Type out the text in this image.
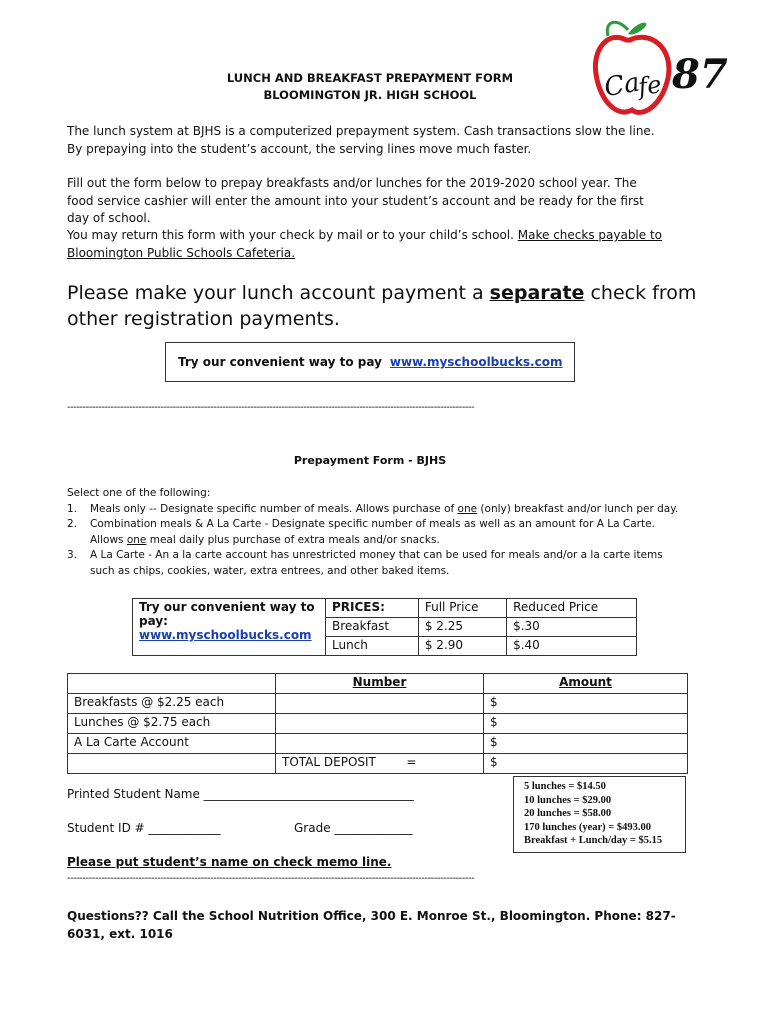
Ca
fe 87
LUNCH AND BREAKFAST PREPAYMENT FORM
BLOOMINGTON JR. HIGH SCHOOL
The lunch system at BJHS is a computerized prepayment system. Cash transactions slow the line. By prepaying into the student’s account, the serving lines move much faster.
Fill out the form below to prepay breakfasts and/or lunches for the 2019-2020 school year. The food service cashier will enter the amount into your student’s account and be ready for the first day of school.
You may return this form with your check by mail or to your child’s school. Make checks payable to Bloomington Public Schools Cafeteria.
Please make your lunch account payment a separate check from other registration payments.
Try our convenient way to pay www.myschoolbucks.com
-----------------------------------------------------------------------------------------------------------------------------------
Prepayment Form - BJHS
Select one of the following:
1. Meals only -- Designate specific number of meals. Allows purchase of one (only) breakfast and/or lunch per day.
2. Combination meals & A La Carte - Designate specific number of meals as well as an amount for A La Carte. Allows one meal daily plus purchase of extra meals and/or snacks.
3. A La Carte - An a la carte account has unrestricted money that can be used for meals and/or a la carte items such as chips, cookies, water, extra entrees, and other baked items.
Try our convenient way to pay:
www.myschoolbucks.com	PRICES:	Full Price	Reduced Price
	Breakfast	$ 2.25	$.30
	Lunch	$ 2.90	$.40
	Number	Amount
Breakfasts @ $2.25 each		$
Lunches @ $2.75 each		$
A La Carte Account		$
	TOTAL DEPOSIT        =	$
5 lunches = $14.50
10 lunches = $29.00
20 lunches = $58.00
170 lunches (year) = $493.00
Breakfast + Lunch/day = $5.15
Printed Student Name ___________________________________
Student ID # ____________	Grade _____________
Please put student’s name on check memo line.
-----------------------------------------------------------------------------------------------------------------------------------
Questions?? Call the School Nutrition Office, 300 E. Monroe St., Bloomington. Phone: 827-6031, ext. 1016
